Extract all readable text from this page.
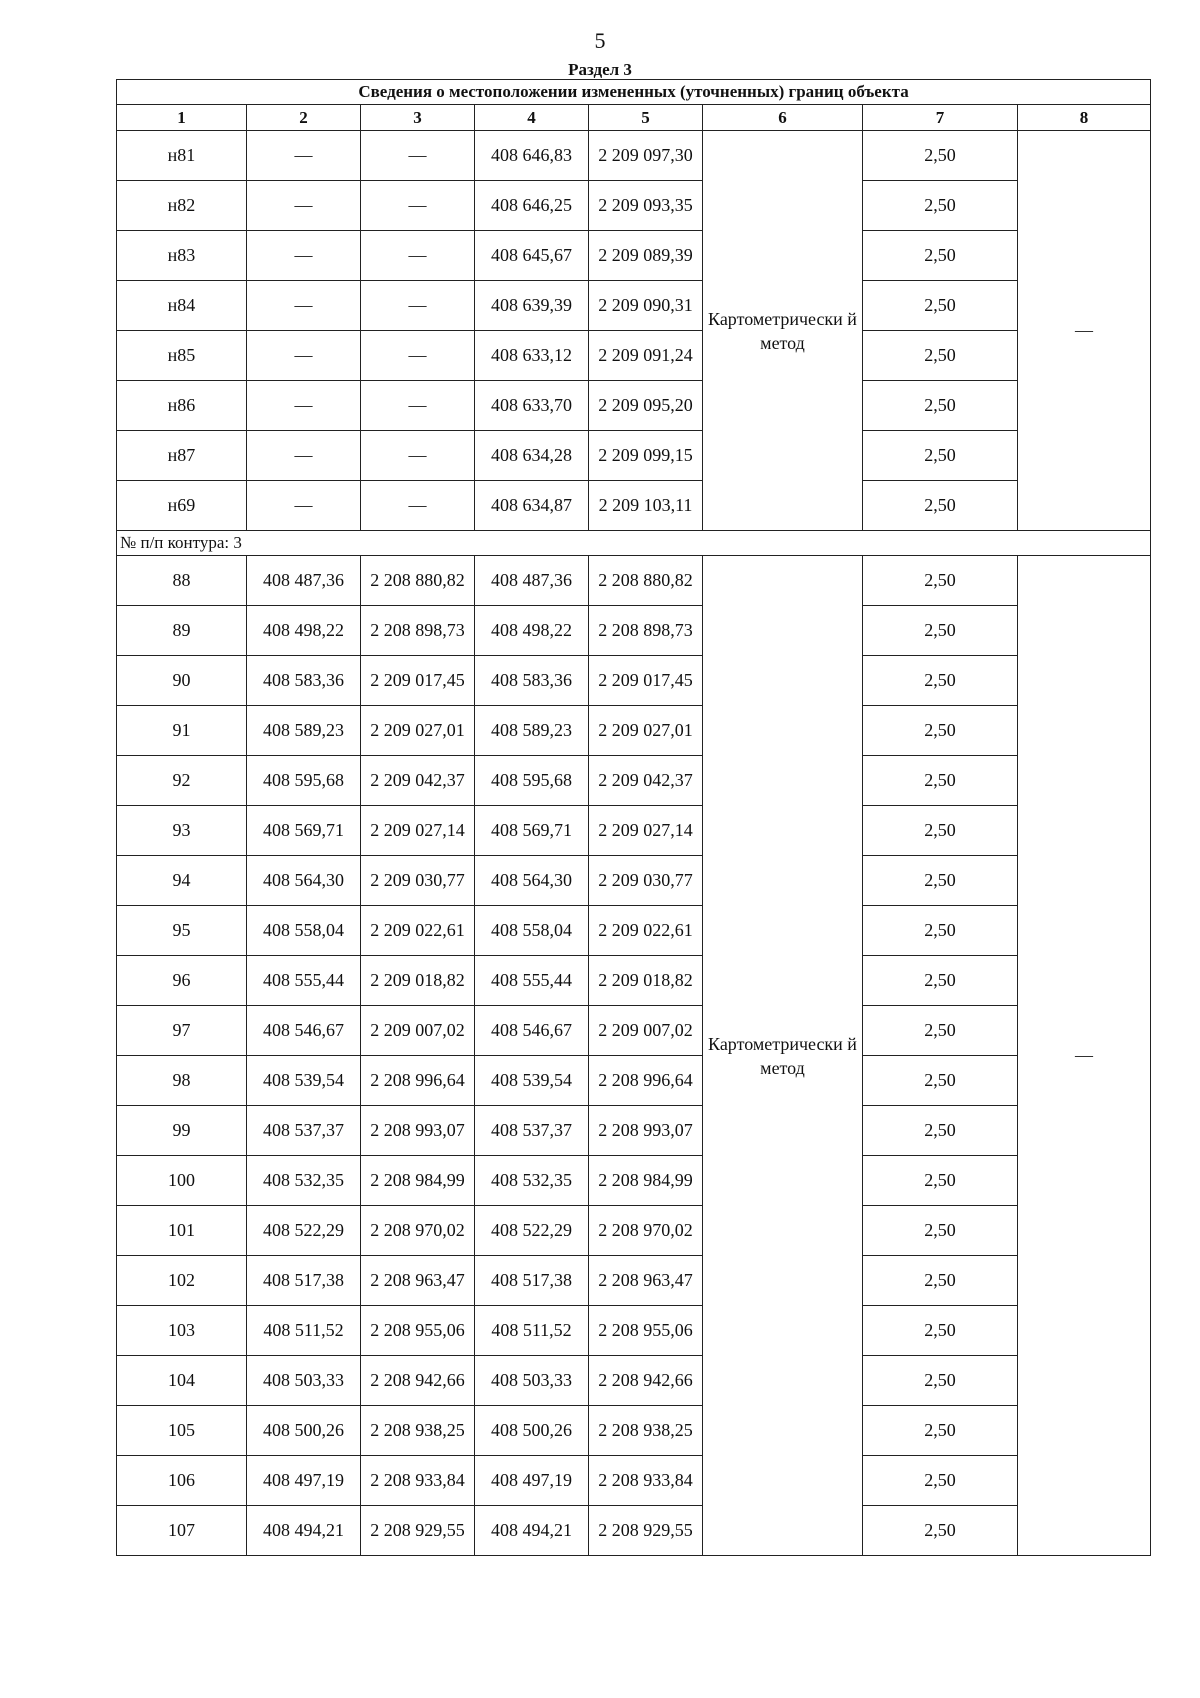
5
Раздел 3
Сведения о местоположении измененных (уточненных) границ объекта							
1	2	3	4	5	6	7	8
н81	—	—	408 646,83	2 209 097,30	Картометрически й метод	2,50	—
н82	—	—	408 646,25	2 209 093,35		2,50	
н83	—	—	408 645,67	2 209 089,39		2,50	
н84	—	—	408 639,39	2 209 090,31		2,50	
н85	—	—	408 633,12	2 209 091,24		2,50	
н86	—	—	408 633,70	2 209 095,20		2,50	
н87	—	—	408 634,28	2 209 099,15		2,50	
н69	—	—	408 634,87	2 209 103,11		2,50	
№ п/п контура: 3							
88	408 487,36	2 208 880,82	408 487,36	2 208 880,82	Картометрически й метод	2,50	—
89	408 498,22	2 208 898,73	408 498,22	2 208 898,73		2,50	
90	408 583,36	2 209 017,45	408 583,36	2 209 017,45		2,50	
91	408 589,23	2 209 027,01	408 589,23	2 209 027,01		2,50	
92	408 595,68	2 209 042,37	408 595,68	2 209 042,37		2,50	
93	408 569,71	2 209 027,14	408 569,71	2 209 027,14		2,50	
94	408 564,30	2 209 030,77	408 564,30	2 209 030,77		2,50	
95	408 558,04	2 209 022,61	408 558,04	2 209 022,61		2,50	
96	408 555,44	2 209 018,82	408 555,44	2 209 018,82		2,50	
97	408 546,67	2 209 007,02	408 546,67	2 209 007,02		2,50	
98	408 539,54	2 208 996,64	408 539,54	2 208 996,64		2,50	
99	408 537,37	2 208 993,07	408 537,37	2 208 993,07		2,50	
100	408 532,35	2 208 984,99	408 532,35	2 208 984,99		2,50	
101	408 522,29	2 208 970,02	408 522,29	2 208 970,02		2,50	
102	408 517,38	2 208 963,47	408 517,38	2 208 963,47		2,50	
103	408 511,52	2 208 955,06	408 511,52	2 208 955,06		2,50	
104	408 503,33	2 208 942,66	408 503,33	2 208 942,66		2,50	
105	408 500,26	2 208 938,25	408 500,26	2 208 938,25		2,50	
106	408 497,19	2 208 933,84	408 497,19	2 208 933,84		2,50	
107	408 494,21	2 208 929,55	408 494,21	2 208 929,55		2,50	
